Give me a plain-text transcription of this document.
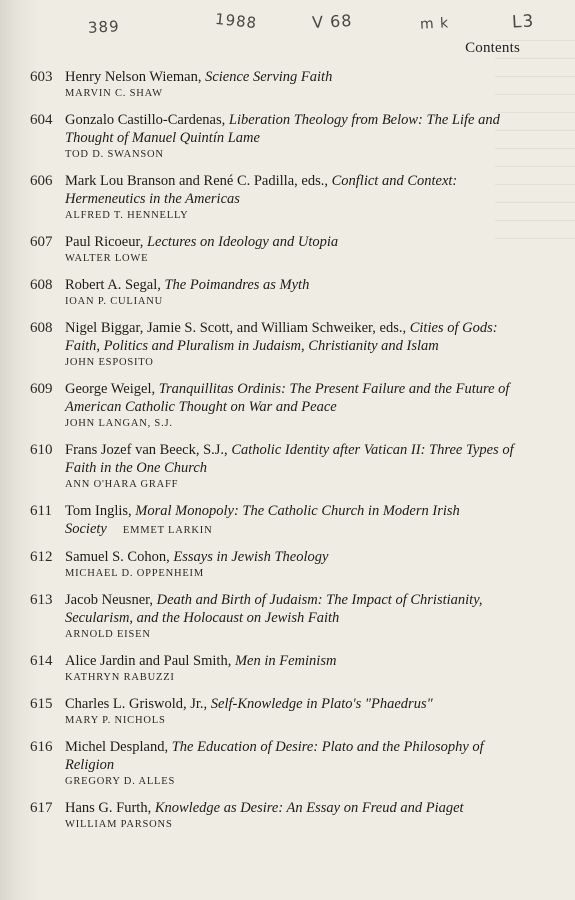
389	1988	V 68	m k	L3
Contents
603 Henry Nelson Wieman, Science Serving Faith

MARVIN C. SHAW
604 Gonzalo Castillo-Cardenas, Liberation Theology from Below: The Life and Thought of Manuel Quintín Lame

TOD D. SWANSON
606 Mark Lou Branson and René C. Padilla, eds., Conflict and Context: Hermeneutics in the Americas

ALFRED T. HENNELLY
607 Paul Ricoeur, Lectures on Ideology and Utopia

WALTER LOWE
608 Robert A. Segal, The Poimandres as Myth

IOAN P. CULIANU
608 Nigel Biggar, Jamie S. Scott, and William Schweiker, eds., Cities of Gods: Faith, Politics and Pluralism in Judaism, Christianity and Islam

JOHN ESPOSITO
609 George Weigel, Tranquillitas Ordinis: The Present Failure and the Future of American Catholic Thought on War and Peace

JOHN LANGAN, S.J.
610 Frans Jozef van Beeck, S.J., Catholic Identity after Vatican II: Three Types of Faith in the One Church

ANN O'HARA GRAFF
611 Tom Inglis, Moral Monopoly: The Catholic Church in Modern Irish Society EMMET LARKIN

612 Samuel S. Cohon, Essays in Jewish Theology

MICHAEL D. OPPENHEIM
613 Jacob Neusner, Death and Birth of Judaism: The Impact of Christianity, Secularism, and the Holocaust on Jewish Faith

ARNOLD EISEN
614 Alice Jardin and Paul Smith, Men in Feminism

KATHRYN RABUZZI
615 Charles L. Griswold, Jr., Self-Knowledge in Plato's "Phaedrus"

MARY P. NICHOLS
616 Michel Despland, The Education of Desire: Plato and the Philosophy of Religion

GREGORY D. ALLES
617 Hans G. Furth, Knowledge as Desire: An Essay on Freud and Piaget

WILLIAM PARSONS
